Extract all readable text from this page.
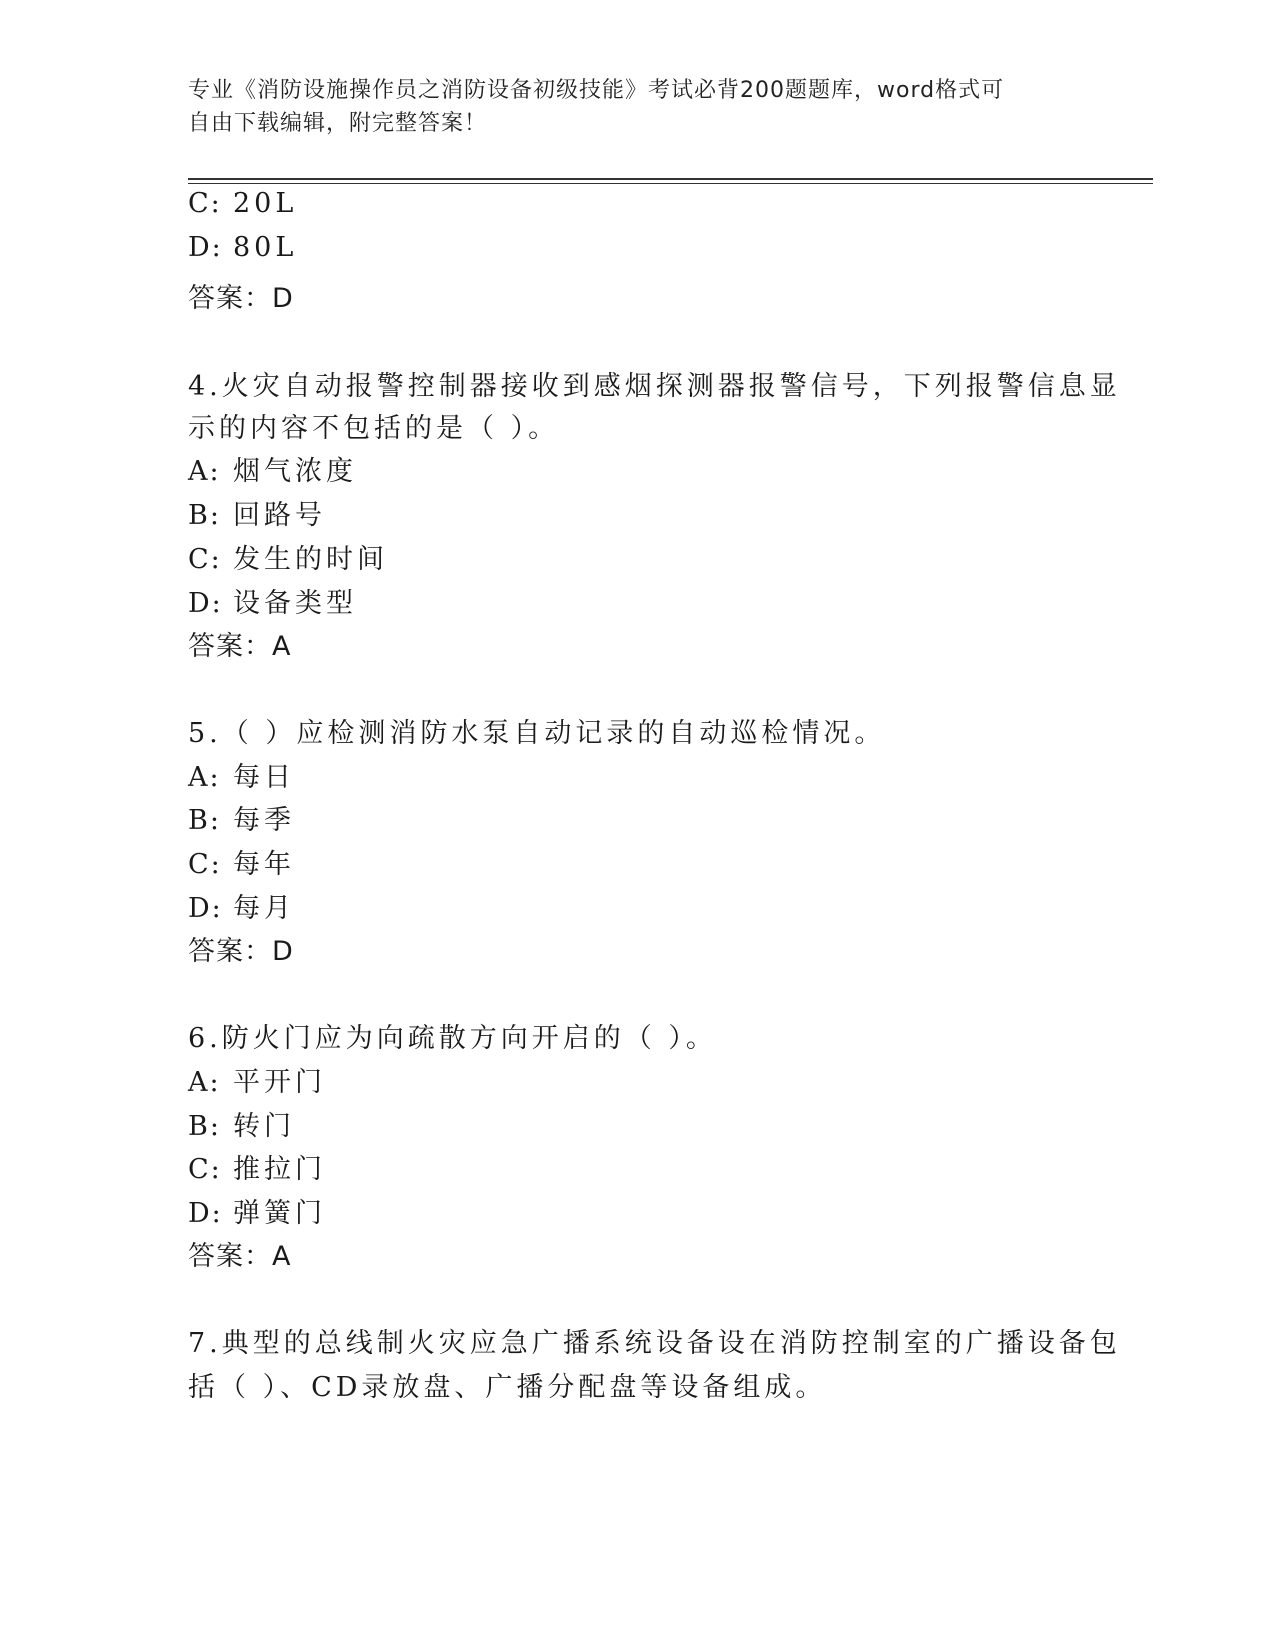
专业《消防设施操作员之消防设备初级技能》考试必背200题题库，word格式可
自由下载编辑，附完整答案！
C: 20L
D: 80L
答案：D
4.火灾自动报警控制器接收到感烟探测器报警信号，下列报警信息显
示的内容不包括的是（ ）。
A: 烟气浓度
B: 回路号
C: 发生的时间
D: 设备类型
答案：A
5.（ ）应检测消防水泵自动记录的自动巡检情况。
A: 每日
B: 每季
C: 每年
D: 每月
答案：D
6.防火门应为向疏散方向开启的（ ）。
A: 平开门
B: 转门
C: 推拉门
D: 弹簧门
答案：A
7.典型的总线制火灾应急广播系统设备设在消防控制室的广播设备包
括（ ）、CD录放盘、广播分配盘等设备组成。
